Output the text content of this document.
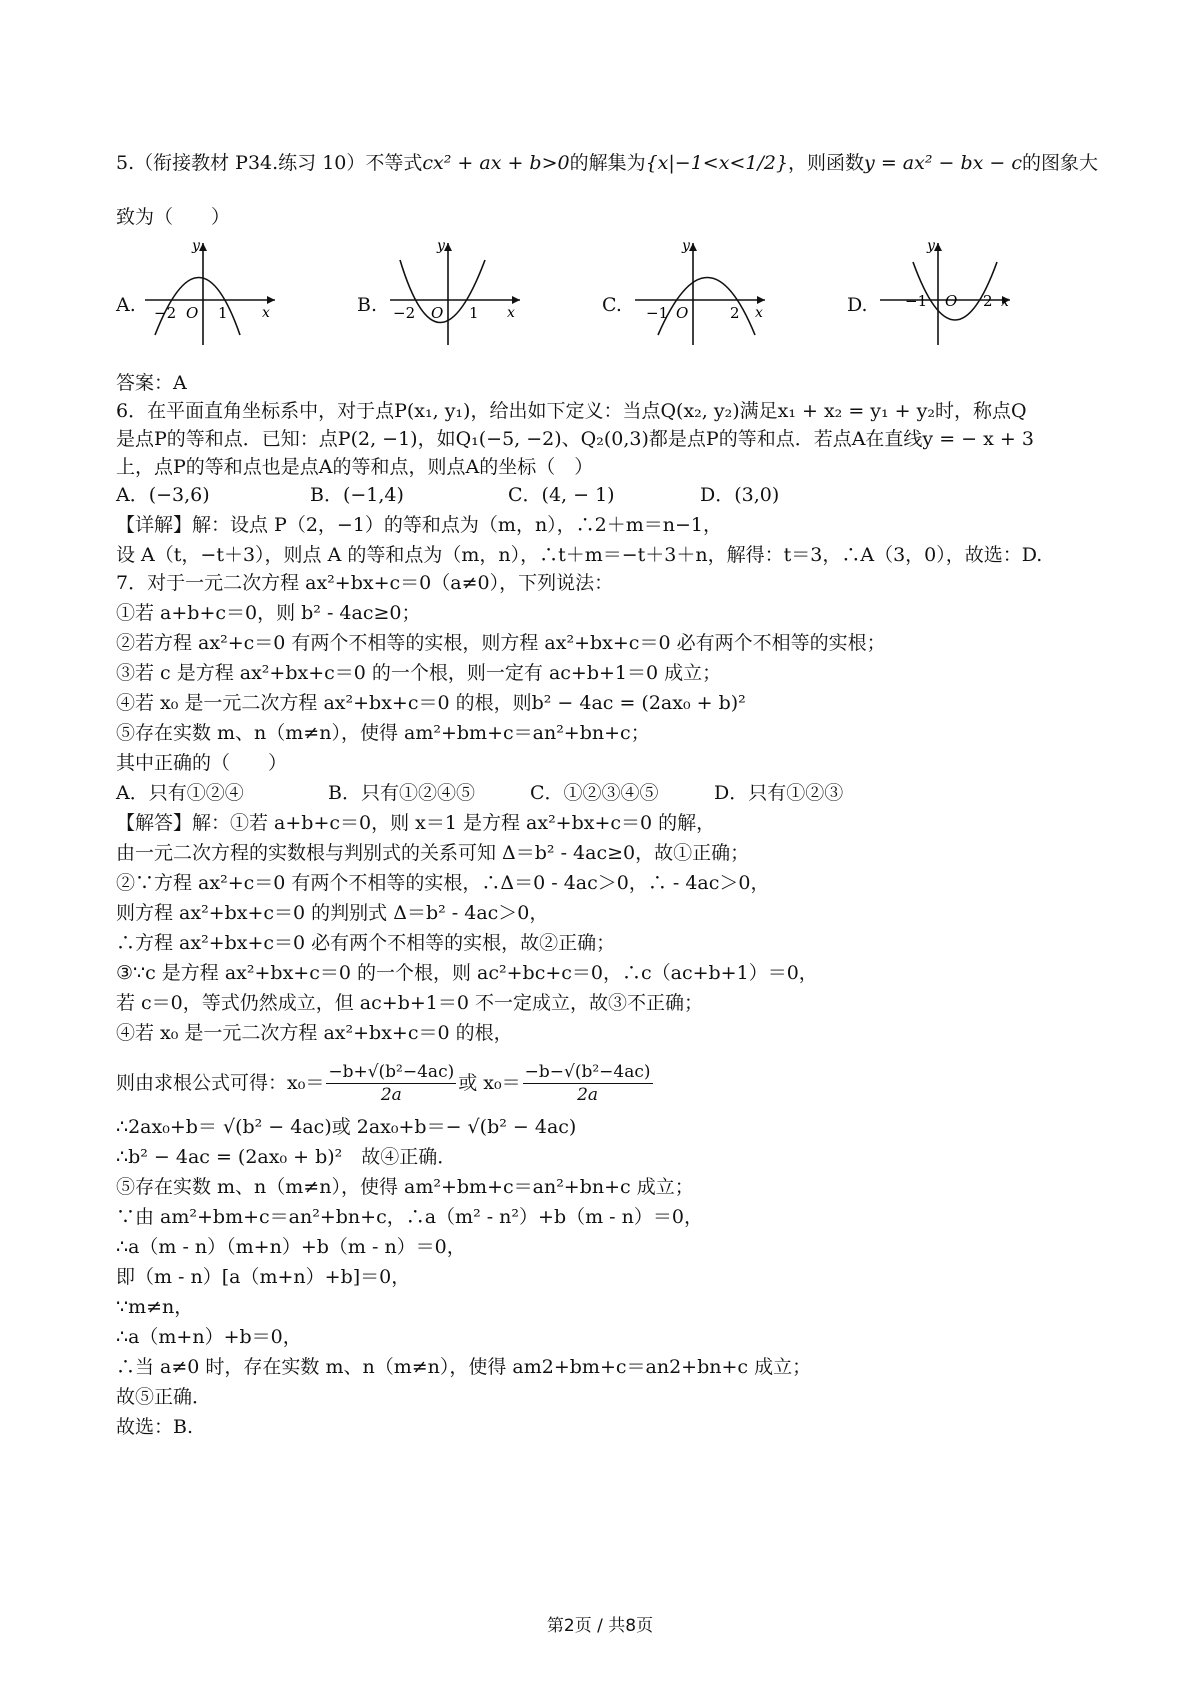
5.（衔接教材 P34.练习 10）不等式cx² + ax + b>0的解集为{x|−1<x<1/2}，则函数y = ax² − bx − c的图象大
致为（　　）
A.
y
x
−2 O 1	B.
y
x
−2 O 1	C.
y
x
−1 O	2	D.
y
x
−1 O 2
答案：A
6．在平面直角坐标系中，对于点P(x₁, y₁)，给出如下定义：当点Q(x₂, y₂)满足x₁ + x₂ = y₁ + y₂时，称点Q
是点P的等和点．已知：点P(2, −1)，如Q₁(−5, −2)、Q₂(0,3)都是点P的等和点．若点A在直线y = − x + 3
上，点P的等和点也是点A的等和点，则点A的坐标（　）
A．(−3,6)	B．(−1,4)	C．(4, − 1)	D．(3,0)
【详解】解：设点 P（2，−1）的等和点为（m，n），∴2＋m＝n−1，
设 A（t，−t＋3），则点 A 的等和点为（m，n），∴t＋m＝−t＋3＋n，解得：t＝3，∴A（3，0），故选：D.
7．对于一元二次方程 ax²+bx+c＝0（a≠0），下列说法：
①若 a+b+c＝0，则 b² - 4ac≥0；
②若方程 ax²+c＝0 有两个不相等的实根，则方程 ax²+bx+c＝0 必有两个不相等的实根；
③若 c 是方程 ax²+bx+c＝0 的一个根，则一定有 ac+b+1＝0 成立；
④若 x₀ 是一元二次方程 ax²+bx+c＝0 的根，则b² − 4ac = (2ax₀ + b)²
⑤存在实数 m、n（m≠n），使得 am²+bm+c＝an²+bn+c；
其中正确的（　　）
A．只有①②④	B．只有①②④⑤	C．①②③④⑤	D．只有①②③
【解答】解：①若 a+b+c＝0，则 x＝1 是方程 ax²+bx+c＝0 的解，
由一元二次方程的实数根与判别式的关系可知 Δ＝b² - 4ac≥0，故①正确；
②∵方程 ax²+c＝0 有两个不相等的实根，∴Δ＝0 - 4ac＞0，∴ - 4ac＞0，
则方程 ax²+bx+c＝0 的判别式 Δ＝b² - 4ac＞0，
∴方程 ax²+bx+c＝0 必有两个不相等的实根，故②正确；
③∵c 是方程 ax²+bx+c＝0 的一个根，则 ac²+bc+c＝0，∴c（ac+b+1）＝0，
若 c＝0，等式仍然成立，但 ac+b+1＝0 不一定成立，故③不正确；
④若 x₀ 是一元二次方程 ax²+bx+c＝0 的根，
则由求根公式可得：$x_0= \frac{\text{−b+√(b²−4ac)}}{2a}$ 或 $x_0= \frac{\text{−b−√(b²−4ac)}}{2a}$
∴2ax₀+b＝ √(b² − 4ac)或 2ax₀+b＝− √(b² − 4ac)
∴b² − 4ac = (2ax₀ + b)²　故④正确．
⑤存在实数 m、n（m≠n），使得 am²+bm+c＝an²+bn+c 成立；
∵由 am²+bm+c＝an²+bn+c，∴a（m² - n²）+b（m - n）＝0，
∴a（m - n）（m+n）+b（m - n）＝0，
即（m - n）[a（m+n）+b]＝0，
∵m≠n，
∴a（m+n）+b＝0，
∴当 a≠0 时，存在实数 m、n（m≠n），使得 am2+bm+c＝an2+bn+c 成立；
故⑤正确．
故选：B.
第2页 / 共8页
